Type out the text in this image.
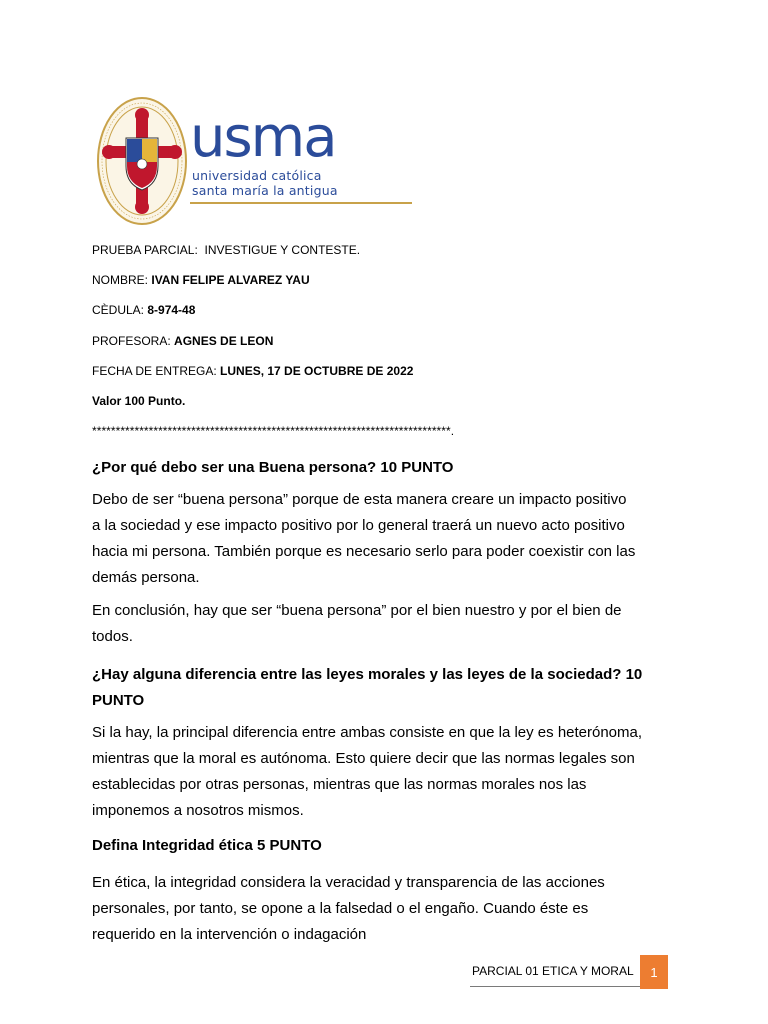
usma
universidad católica
santa maría la antigua
PRUEBA PARCIAL: INVESTIGUE Y CONTESTE.
NOMBRE: IVAN FELIPE ALVAREZ YAU
CÈDULA: 8-974-48
PROFESORA: AGNES DE LEON
FECHA DE ENTREGA: LUNES, 17 DE OCTUBRE DE 2022
Valor 100 Punto.
****************************************************************************.
¿Por qué debo ser una Buena persona? 10 PUNTO
Debo de ser “buena persona” porque de esta manera creare un impacto positivo
a la sociedad y ese impacto positivo por lo general traerá un nuevo acto positivo
hacia mi persona. También porque es necesario serlo para poder coexistir con las
demás persona.
En conclusión, hay que ser “buena persona” por el bien nuestro y por el bien de
todos.
¿Hay alguna diferencia entre las leyes morales y las leyes de la sociedad? 10
PUNTO
Si la hay, la principal diferencia entre ambas consiste en que la ley es heterónoma,
mientras que la moral es autónoma. Esto quiere decir que las normas legales son
establecidas por otras personas, mientras que las normas morales nos las
imponemos a nosotros mismos.
Defina Integridad ética 5 PUNTO
En ética, la integridad considera la veracidad y transparencia de las acciones
personales, por tanto, se opone a la falsedad o el engaño. Cuando éste es
requerido en la intervención o indagación
PARCIAL 01 ETICA Y MORAL	1
